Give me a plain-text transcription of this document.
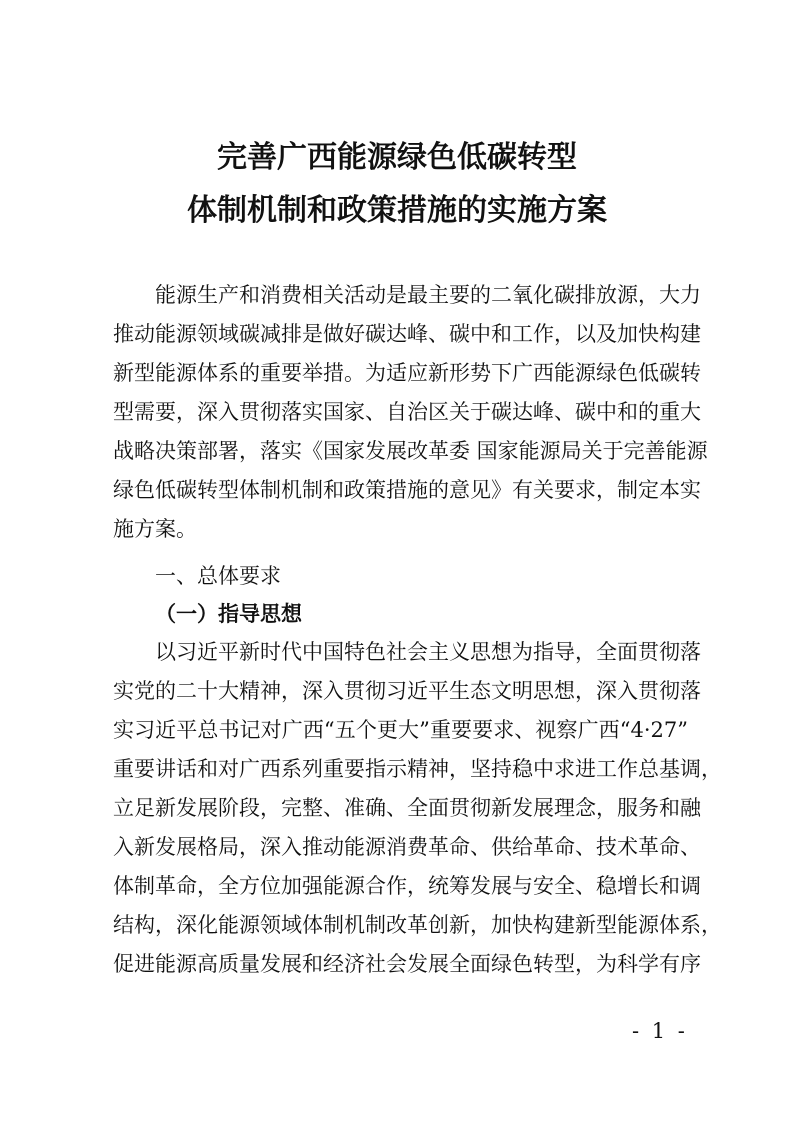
完善广西能源绿色低碳转型
体制机制和政策措施的实施方案
能源生产和消费相关活动是最主要的二氧化碳排放源，大力
推动能源领域碳减排是做好碳达峰、碳中和工作，以及加快构建
新型能源体系的重要举措。为适应新形势下广西能源绿色低碳转
型需要，深入贯彻落实国家、自治区关于碳达峰、碳中和的重大
战略决策部署，落实《国家发展改革委 国家能源局关于完善能源
绿色低碳转型体制机制和政策措施的意见》有关要求，制定本实
施方案。
一、总体要求
（一）指导思想
以习近平新时代中国特色社会主义思想为指导，全面贯彻落
实党的二十大精神，深入贯彻习近平生态文明思想，深入贯彻落
实习近平总书记对广西“五个更大”重要要求、视察广西“4·27”
重要讲话和对广西系列重要指示精神，坚持稳中求进工作总基调，
立足新发展阶段，完整、准确、全面贯彻新发展理念，服务和融
入新发展格局，深入推动能源消费革命、供给革命、技术革命、
体制革命，全方位加强能源合作，统筹发展与安全、稳增长和调
结构，深化能源领域体制机制改革创新，加快构建新型能源体系，
促进能源高质量发展和经济社会发展全面绿色转型，为科学有序
- 1 -
